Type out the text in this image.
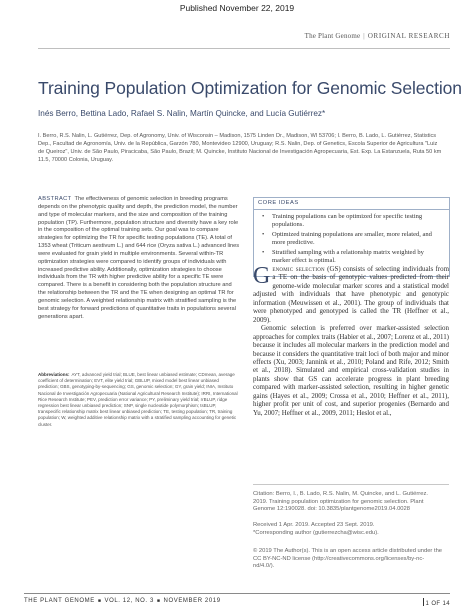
Published November 22, 2019
The Plant Genome | ORIGINAL RESEARCH
Training Population Optimization for Genomic Selection

Inés Berro, Bettina Lado, Rafael S. Nalin, Martín Quincke, and Lucía Gutiérrez*

I. Berro, R.S. Nalin, L. Gutiérrez, Dep. of Agronomy, Univ. of Wisconsin – Madison, 1575 Linden Dr., Madison, WI 53706; I. Berro, B. Lado, L. Gutiérrez, Statistics Dep., Facultad de Agronomía, Univ. de la República, Garzón 780, Montevideo 12900, Uruguay; R.S. Nalin, Dep. of Genetics, Escola Superior de Agricultura "Luiz de Queiroz", Univ. de São Paulo, Piracicaba, São Paulo, Brazil; M. Quincke, Instituto Nacional de Investigación Agropecuaria, Est. Exp. La Estanzuela, Ruta 50 km 11.5, 70000 Colonia, Uruguay.

ABSTRACT The effectiveness of genomic selection in breeding programs depends on the phenotypic quality and depth, the prediction model, the number and type of molecular markers, and the size and composition of the training population (TP). Furthermore, population structure and diversity have a key role in the composition of the optimal training sets. Our goal was to compare strategies for optimizing the TR for specific testing populations (TE). A total of 1353 wheat (Triticum aestivum L.) and 644 rice (Oryza sativa L.) advanced lines were evaluated for grain yield in multiple environments. Several within-TR optimization strategies were compared to identify groups of individuals with increased predictive ability. Additionally, optimization strategies to choose individuals from the TR with higher predictive ability for a specific TE were compared. There is a benefit in considering both the population structure and the relationship between the TR and the TE when designing an optimal TR for genomic selection. A weighted relationship matrix with stratified sampling is the best strategy for forward predictions of quantitative traits in populations several generations apart.

Abbreviations: AYT, advanced yield trial; BLUE, best linear unbiased estimate; CDmean, average coefficient of determination; EVT, elite yield trial; GBLUP, mixed model best linear unbiased prediction; GBS, genotyping-by-sequencing; GS, genomic selection; GY, grain yield; INIA, Instituto Nacional de Investigación Agropecuaria (National Agricultural Research Institute); IRRI, International Rice Research Institute; PEV, prediction error variance; PY, preliminary yield trial; rrBLUP, ridge regression best linear unbiased prediction; SNP, single nucleotide polymorphism; tsBLUP, transpecific relationship matrix best linear unbiased prediction; TE, testing population; TR, training population; W, weighted additive relationship matrix with a stratified sampling accounting for genetic cluster.

CORE IDEAS

• Training populations can be optimized for specific testing populations.
• Optimized training populations are smaller, more related, and more predictive.
• Stratified sampling with a relationship matrix weighted by marker effect is optimal.
Genomic selection (GS) consists of selecting individuals from a TE on the basis of genotypic values predicted from their genome-wide molecular marker scores and a statistical model adjusted with individuals that have phenotypic and genotypic information (Meuwissen et al., 2001). The group of individuals that were phenotyped and genotyped is called the TR (Heffner et al., 2009).
Genomic selection is preferred over marker-assisted selection approaches for complex traits (Habier et al., 2007; Lorenz et al., 2011) because it includes all molecular markers in the prediction model and because it considers the quantitative trait loci of both major and minor effects (Xu, 2003; Jannink et al., 2010; Poland and Rife, 2012; Smith et al., 2018). Simulated and empirical cross-validation studies in plants show that GS can accelerate progress in plant breeding compared with marker-assisted selection, resulting in higher genetic gains (Hayes et al., 2009; Crossa et al., 2010; Heffner et al., 2011), higher profit per unit of cost, and superior progenies (Bernardo and Yu, 2007; Heffner et al., 2009, 2011; Heslot et al.,

Citation: Berro, I., B. Lado, R.S. Nalin, M. Quincke, and L. Gutiérrez. 2019. Training population optimization for genomic selection. Plant Genome 12:190028. doi: 10.3835/plantgenome2019.04.0028

Received 1 Apr. 2019. Accepted 23 Sept. 2019.
*Corresponding author (gutierrezcha@wisc.edu).

© 2019 The Author(s). This is an open access article distributed under the CC BY-NC-ND license (http://creativecommons.org/licenses/by-nc-nd/4.0/).

THE PLANT GENOME ■ VOL. 12, NO. 3 ■ NOVEMBER 2019	1 OF 14
